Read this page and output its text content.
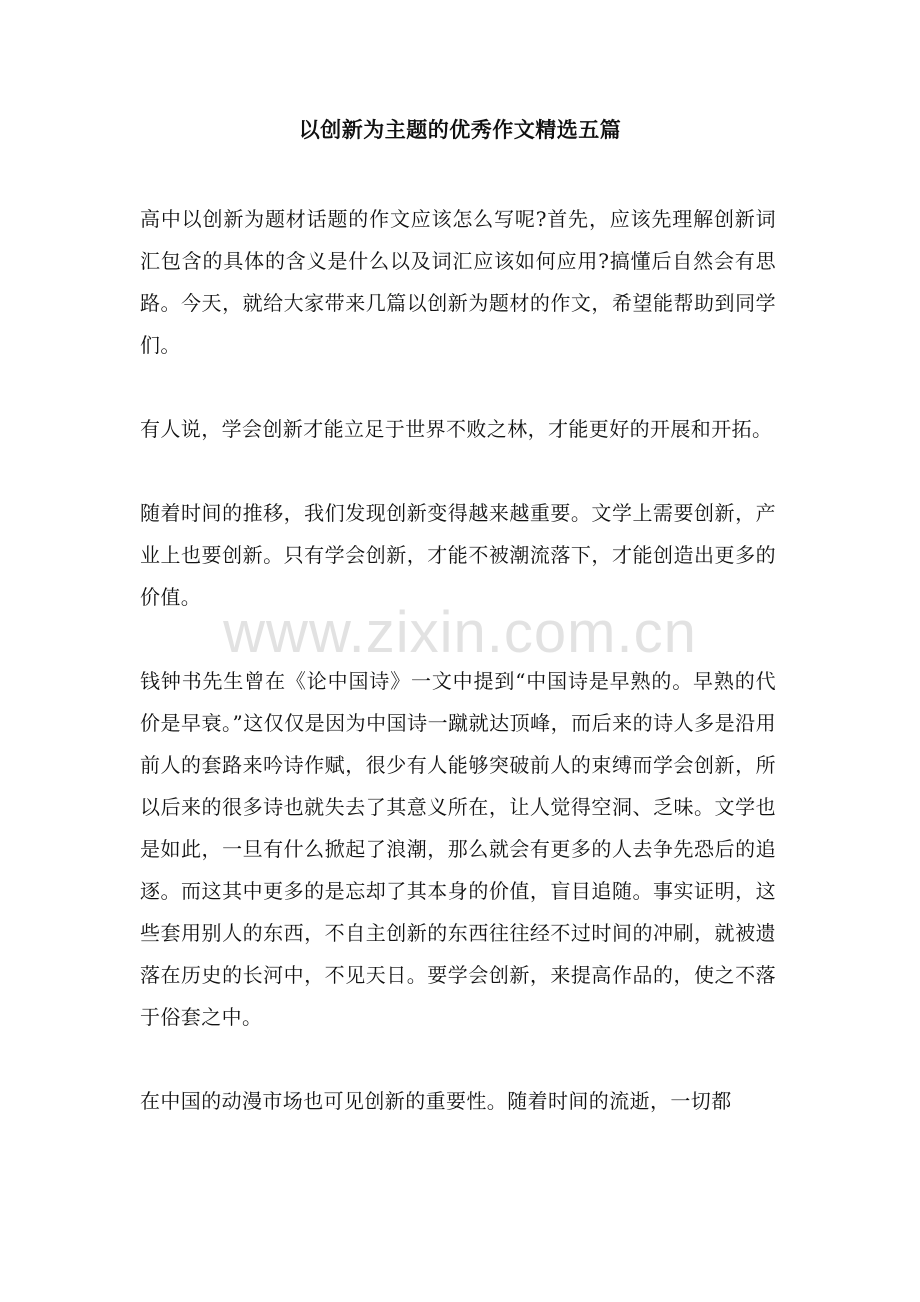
以创新为主题的优秀作文精选五篇

高中以创新为题材话题的作文应该怎么写呢?首先，应该先理解创新词汇包含的具体的含义是什么以及词汇应该如何应用?搞懂后自然会有思路。今天，就给大家带来几篇以创新为题材的作文，希望能帮助到同学们。

有人说，学会创新才能立足于世界不败之林，才能更好的开展和开拓。

随着时间的推移，我们发现创新变得越来越重要。文学上需要创新，产业上也要创新。只有学会创新，才能不被潮流落下，才能创造出更多的价值。

钱钟书先生曾在《论中国诗》一文中提到“中国诗是早熟的。早熟的代价是早衰。”这仅仅是因为中国诗一蹴就达顶峰，而后来的诗人多是沿用前人的套路来吟诗作赋，很少有人能够突破前人的束缚而学会创新，所以后来的很多诗也就失去了其意义所在，让人觉得空洞、乏味。文学也是如此，一旦有什么掀起了浪潮，那么就会有更多的人去争先恐后的追逐。而这其中更多的是忘却了其本身的价值，盲目追随。事实证明，这些套用别人的东西，不自主创新的东西往往经不过时间的冲刷，就被遗落在历史的长河中，不见天日。要学会创新，来提高作品的，使之不落于俗套之中。

在中国的动漫市场也可见创新的重要性。随着时间的流逝，一切都

www.zixin.com.cn
